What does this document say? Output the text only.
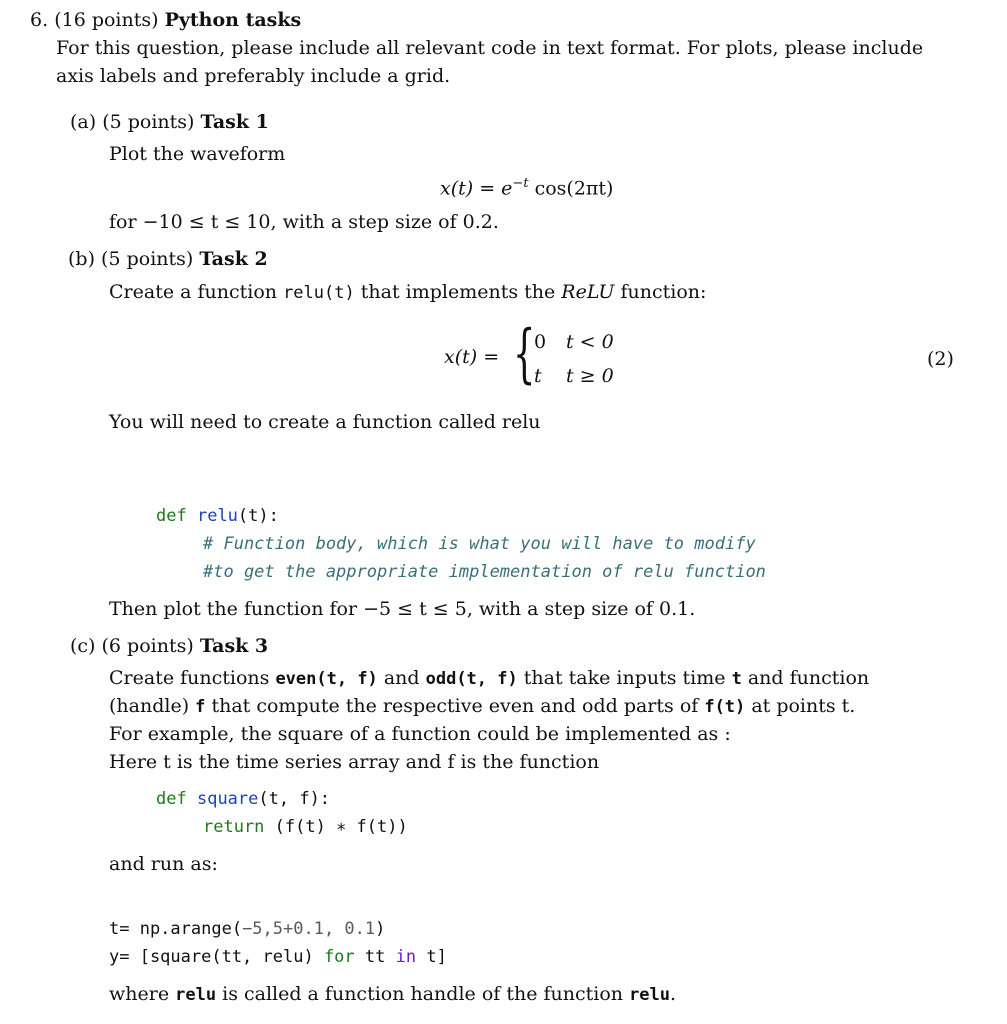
6. (16 points) Python tasks
For this question, please include all relevant code in text format. For plots, please include
axis labels and preferably include a grid.
(a) (5 points) Task 1
Plot the waveform
$x(t) = e^{-t}$ cos(2πt)
for −10 ≤ t ≤ 10, with a step size of 0.2.
(b) (5 points) Task 2
Create a function relu(t) that implements the ReLU function:
x(t) = {
0 t < 0
t t ≥ 0
(2)
You will need to create a function called relu
def relu(t):
# Function body, which is what you will have to modify
#to get the appropriate implementation of relu function
Then plot the function for −5 ≤ t ≤ 5, with a step size of 0.1.
(c) (6 points) Task 3
Create functions even(t, f) and odd(t, f) that take inputs time t and function
(handle) f that compute the respective even and odd parts of f(t) at points t.
For example, the square of a function could be implemented as :
Here t is the time series array and f is the function
def square(t, f):
return (f(t) ∗ f(t))
and run as:
t= np.arange(−5,5+0.1, 0.1)
y= [square(tt, relu) for tt in t]
where relu is called a function handle of the function relu.
